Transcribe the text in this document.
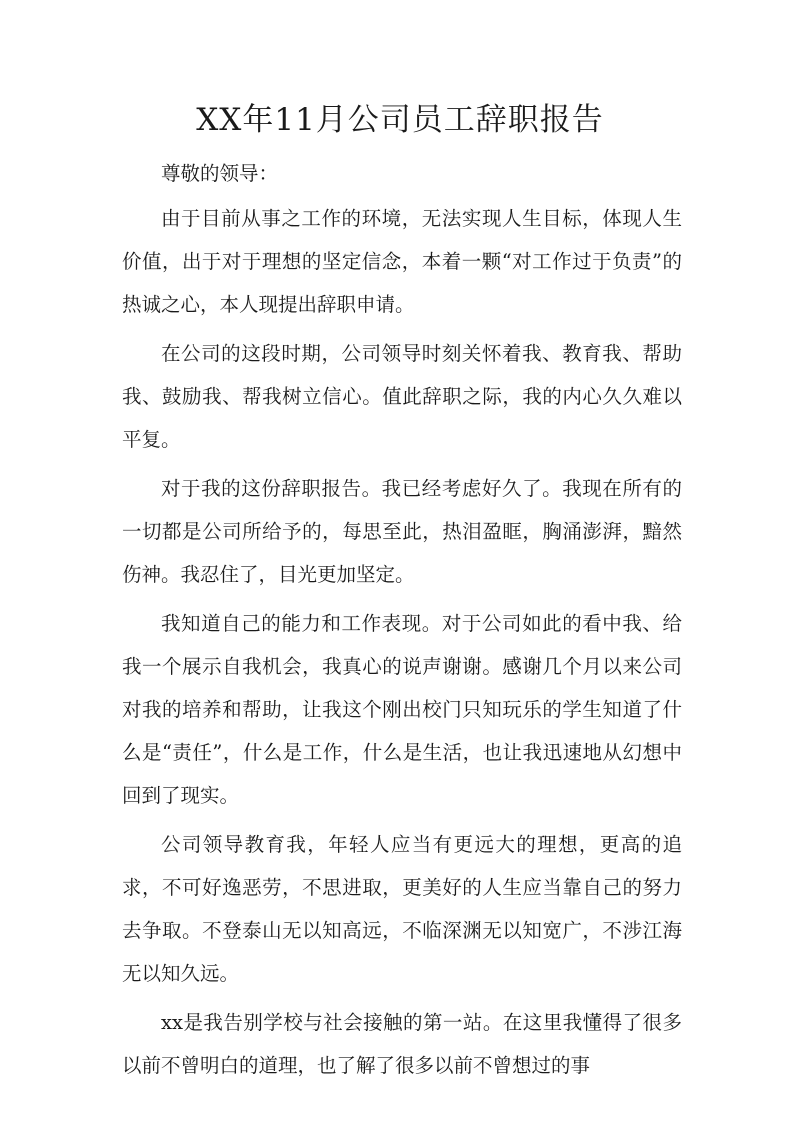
XX年11月公司员工辞职报告

尊敬的领导：

由于目前从事之工作的环境，无法实现人生目标，体现人生价值，出于对于理想的坚定信念，本着一颗“对工作过于负责”的热诚之心，本人现提出辞职申请。

在公司的这段时期，公司领导时刻关怀着我、教育我、帮助我、鼓励我、帮我树立信心。值此辞职之际，我的内心久久难以平复。

对于我的这份辞职报告。我已经考虑好久了。我现在所有的一切都是公司所给予的，每思至此，热泪盈眶，胸涌澎湃，黯然伤神。我忍住了，目光更加坚定。

我知道自己的能力和工作表现。对于公司如此的看中我、给我一个展示自我机会，我真心的说声谢谢。感谢几个月以来公司对我的培养和帮助，让我这个刚出校门只知玩乐的学生知道了什么是“责任”，什么是工作，什么是生活，也让我迅速地从幻想中回到了现实。

公司领导教育我，年轻人应当有更远大的理想，更高的追求，不可好逸恶劳，不思进取，更美好的人生应当靠自己的努力去争取。不登泰山无以知高远，不临深渊无以知宽广，不涉江海无以知久远。

xx是我告别学校与社会接触的第一站。在这里我懂得了很多以前不曾明白的道理，也了解了很多以前不曾想过的事
